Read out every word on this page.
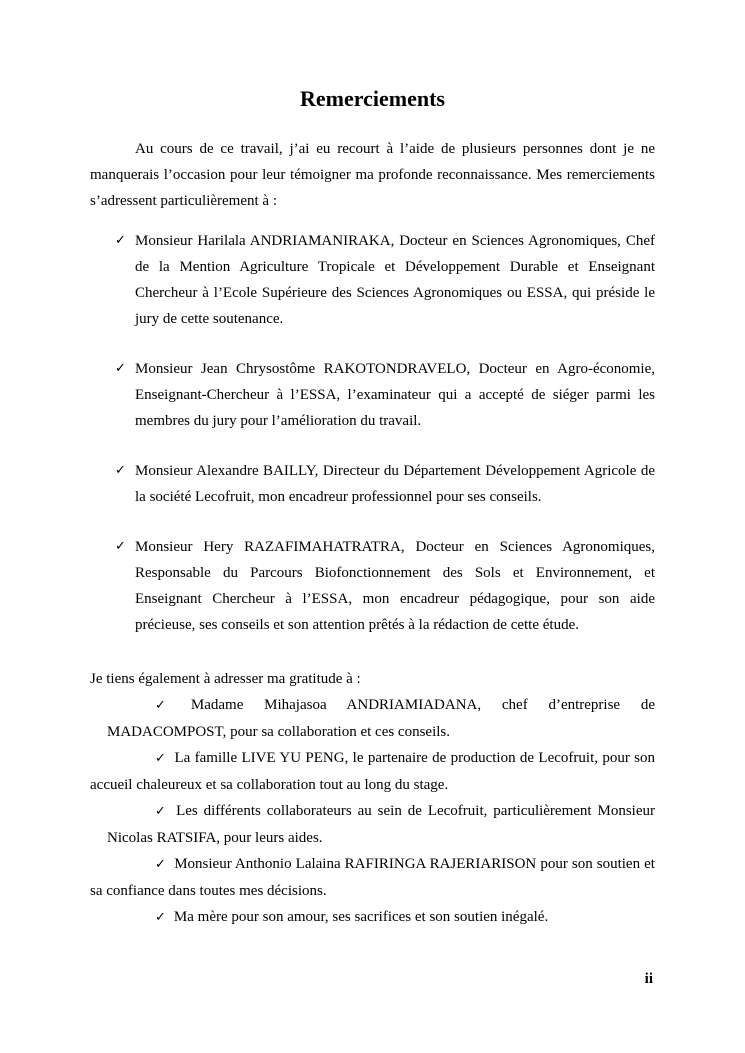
Remerciements

Au cours de ce travail, j’ai eu recourt à l’aide de plusieurs personnes dont je ne manquerais l’occasion pour leur témoigner ma profonde reconnaissance. Mes remerciements s’adressent particulièrement à :

✓ Monsieur Harilala ANDRIAMANIRAKA, Docteur en Sciences Agronomiques, Chef de la Mention Agriculture Tropicale et Développement Durable et Enseignant Chercheur à l’Ecole Supérieure des Sciences Agronomiques ou ESSA, qui préside le jury de cette soutenance.
✓ Monsieur Jean Chrysostôme RAKOTONDRAVELO, Docteur en Agro-économie, Enseignant-Chercheur à l’ESSA, l’examinateur qui a accepté de siéger parmi les membres du jury pour l’amélioration du travail.
✓ Monsieur Alexandre BAILLY, Directeur du Département Développement Agricole de la société Lecofruit, mon encadreur professionnel pour ses conseils.
✓ Monsieur Hery RAZAFIMAHATRATRA, Docteur en Sciences Agronomiques, Responsable du Parcours Biofonctionnement des Sols et Environnement, et Enseignant Chercheur à l’ESSA, mon encadreur pédagogique, pour son aide précieuse, ses conseils et son attention prêtés à la rédaction de cette étude.

Je tiens également à adresser ma gratitude à :

✓ Madame Mihajasoa ANDRIAMIADANA, chef d’entreprise de MADACOMPOST, pour sa collaboration et ces conseils.

✓ La famille LIVE YU PENG, le partenaire de production de Lecofruit, pour son accueil chaleureux et sa collaboration tout au long du stage.

✓ Les différents collaborateurs au sein de Lecofruit, particulièrement Monsieur Nicolas RATSIFA, pour leurs aides.

✓ Monsieur Anthonio Lalaina RAFIRINGA RAJERIARISON pour son soutien et sa confiance dans toutes mes décisions.

✓ Ma mère pour son amour, ses sacrifices et son soutien inégalé.

ii
